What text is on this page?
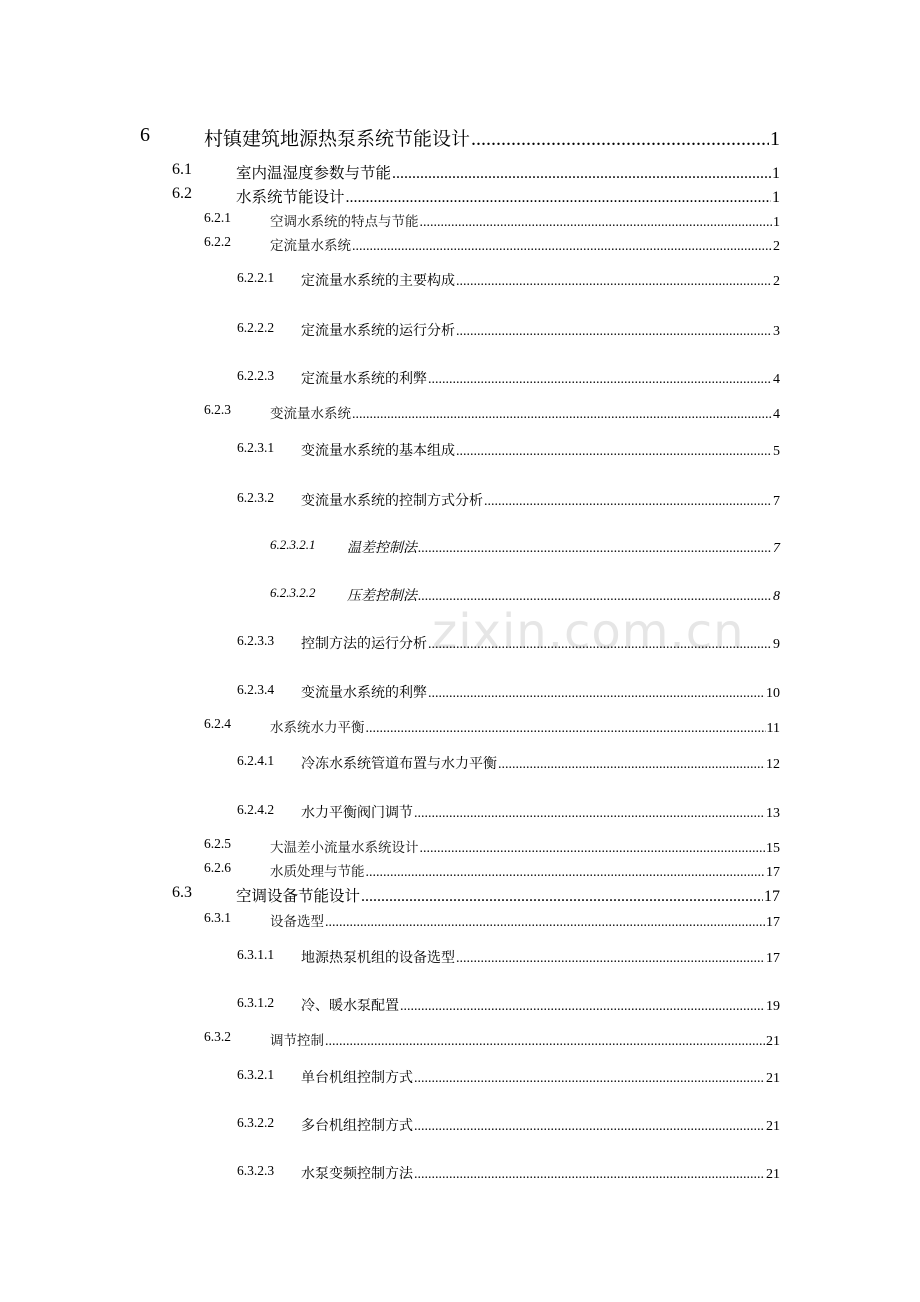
zixin.com.cn
6	村镇建筑地源热泵系统节能设计 .....	1
6.1	室内温湿度参数与节能 .....	1
6.2	水系统节能设计 .....	1
6.2.1	空调水系统的特点与节能 .....	1
6.2.2	定流量水系统 .....	2
6.2.2.1 定流量水系统的主要构成 .....	2
6.2.2.2 定流量水系统的运行分析 .....	3
6.2.2.3 定流量水系统的利弊 .....	4
6.2.3	变流量水系统 .....	4
6.2.3.1 变流量水系统的基本组成 .....	5
6.2.3.2 变流量水系统的控制方式分析 .....	7
6.2.3.2.1 温差控制法 .....	7
6.2.3.2.2 压差控制法 .....	8
6.2.3.3 控制方法的运行分析 .....	9
6.2.3.4 变流量水系统的利弊 .....	10
6.2.4	水系统水力平衡 .....	11
6.2.4.1 冷冻水系统管道布置与水力平衡 .....	12
6.2.4.2 水力平衡阀门调节 .....	13
6.2.5	大温差小流量水系统设计 .....	15
6.2.6	水质处理与节能 .....	17
6.3	空调设备节能设计 .....	17
6.3.1	设备选型 .....	17
6.3.1.1 地源热泵机组的设备选型 .....	17
6.3.1.2 冷、暖水泵配置 .....	19
6.3.2	调节控制 .....	21
6.3.2.1 单台机组控制方式 .....	21
6.3.2.2 多台机组控制方式 .....	21
6.3.2.3 水泵变频控制方法 .....	21
